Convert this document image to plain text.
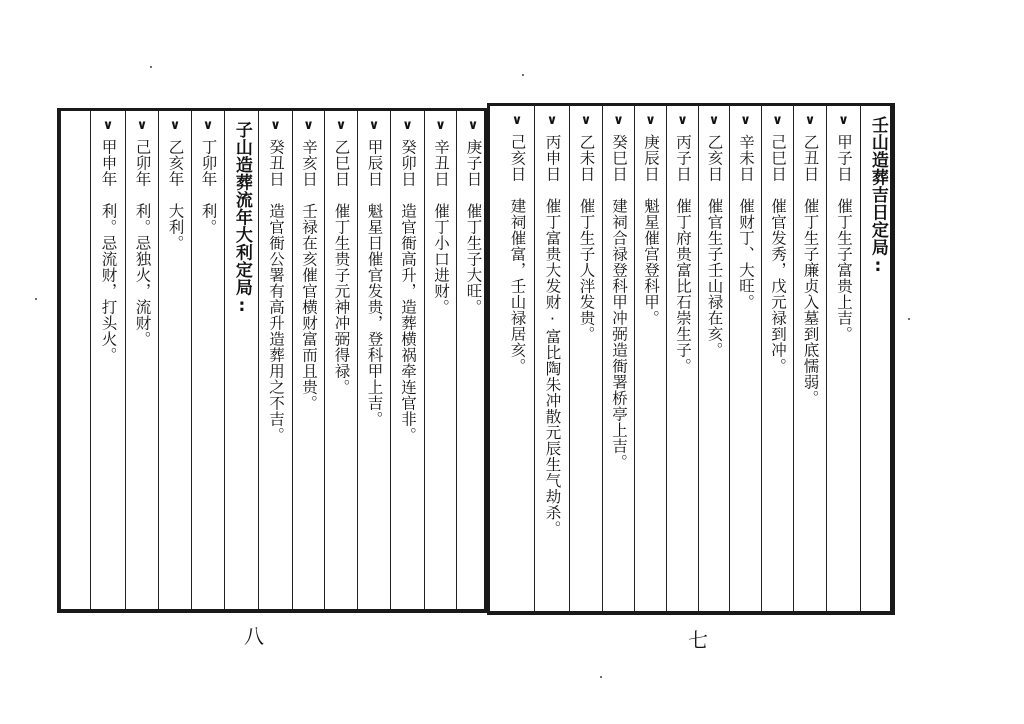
∨
庚子日　催丁生子大旺。
∨
辛丑日　催丁小口进财。
∨
癸卯日　造官衙高升，造葬横祸牵连官非。
∨
甲辰日　魁星日催官发贵，登科甲上吉。
∨
乙巳日　催丁生贵子元神冲弼得禄。
∨
辛亥日　壬禄在亥催官横财富而且贵。
∨
癸丑日　造官衙公署有高升造葬用之不吉。
子山造葬流年大利定局:
∨
丁卯年　利。
∨
乙亥年　大利。
∨
己卯年　利。忌独火，流财。
∨
甲申年　利。忌流财，打头火。
壬山造葬吉日定局:
∨
甲子日　催丁生子富贵上吉。
∨
乙丑日　催丁生子廉贞入墓到底懦弱。
∨
己巳日　催官发秀，戊元禄到冲。
∨
辛未日　催财丁、大旺。
∨
乙亥日　催官生子壬山禄在亥。
∨
丙子日　催丁府贵富比石崇生子。
∨
庚辰日　魁星催宫登科甲。
∨
癸巳日　建祠合禄登科甲冲弼造衙署桥亭上吉。
∨
乙未日　催丁生子人泮发贵。
∨
丙申日　催丁富贵大发财·富比陶朱冲散元辰生气劫杀。
∨
己亥日　建祠催富，壬山禄居亥。
八	七
